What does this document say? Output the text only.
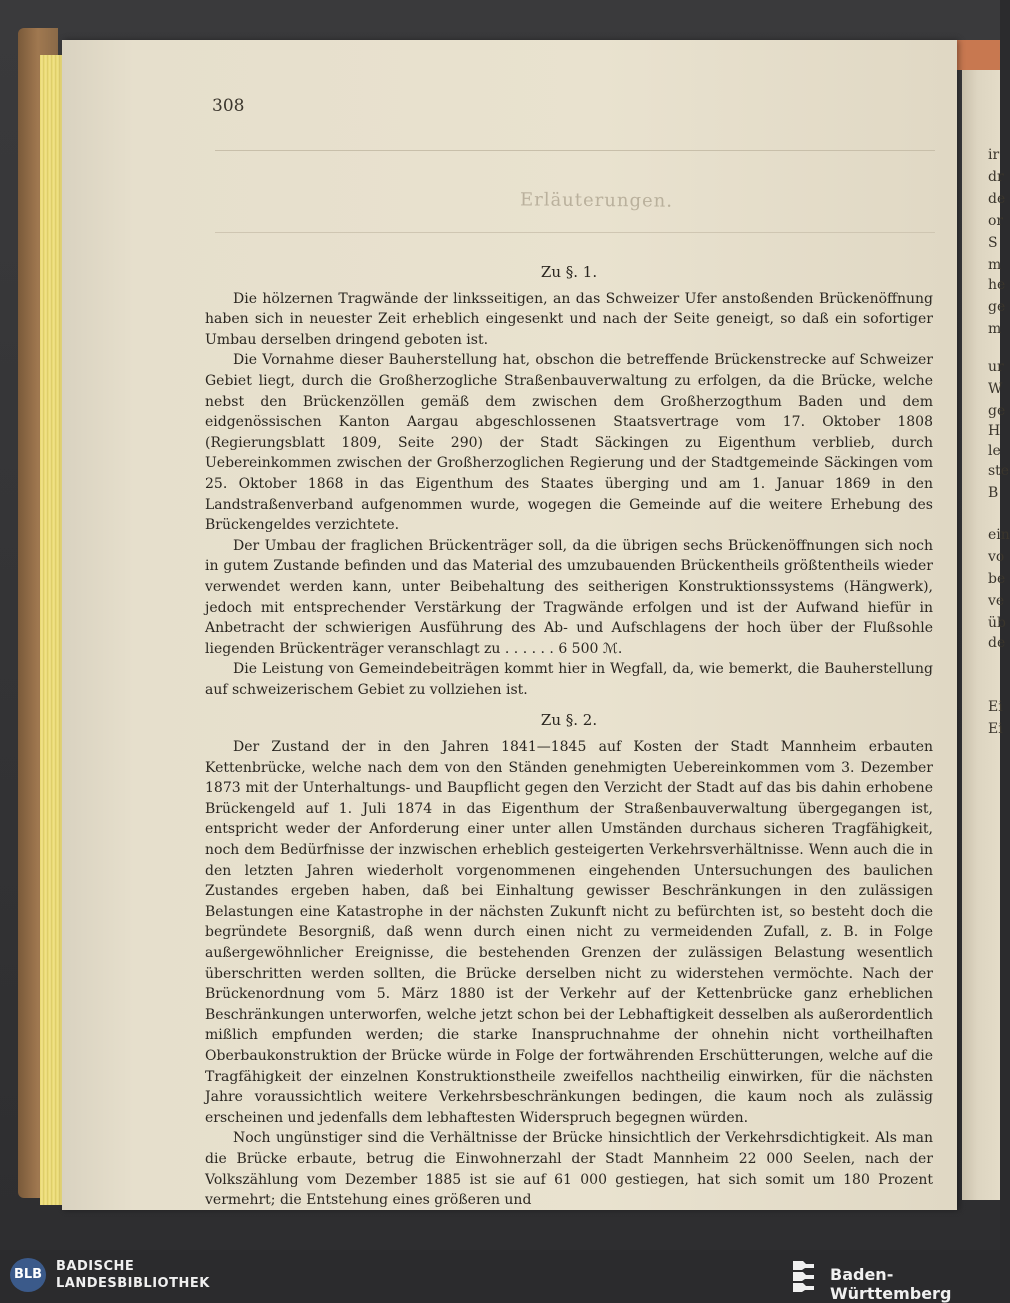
ir
dr
de
or
S
m
he
ge
m
ur
W
ge
H
le
ste
B
ein
vo
be
ve
üb
de
Ei
Ei
308
Erläuterungen.
Zu §. 1.

Die hölzernen Tragwände der linksseitigen, an das Schweizer Ufer anstoßenden Brückenöffnung haben sich in neuester Zeit erheblich eingesenkt und nach der Seite geneigt, so daß ein sofortiger Umbau derselben dringend geboten ist.

Die Vornahme dieser Bauherstellung hat, obschon die betreffende Brückenstrecke auf Schweizer Gebiet liegt, durch die Großherzogliche Straßenbauverwaltung zu erfolgen, da die Brücke, welche nebst den Brückenzöllen gemäß dem zwischen dem Großherzogthum Baden und dem eidgenössischen Kanton Aargau abgeschlossenen Staatsvertrage vom 17. Oktober 1808 (Regierungsblatt 1809, Seite 290) der Stadt Säckingen zu Eigenthum verblieb, durch Uebereinkommen zwischen der Großherzoglichen Regierung und der Stadtgemeinde Säckingen vom 25. Oktober 1868 in das Eigenthum des Staates überging und am 1. Januar 1869 in den Landstraßenverband aufgenommen wurde, wogegen die Gemeinde auf die weitere Erhebung des Brückengeldes verzichtete.

Der Umbau der fraglichen Brückenträger soll, da die übrigen sechs Brückenöffnungen sich noch in gutem Zustande befinden und das Material des umzubauenden Brückentheils größtentheils wieder verwendet werden kann, unter Beibehaltung des seitherigen Konstruktionssystems (Hängwerk), jedoch mit entsprechender Verstärkung der Tragwände erfolgen und ist der Aufwand hiefür in Anbetracht der schwierigen Ausführung des Ab- und Aufschlagens der hoch über der Flußsohle liegenden Brückenträger veranschlagt zu . . . . . . 6 500 ℳ.

Die Leistung von Gemeindebeiträgen kommt hier in Wegfall, da, wie bemerkt, die Bauherstellung auf schweizerischem Gebiet zu vollziehen ist.

Zu §. 2.

Der Zustand der in den Jahren 1841—1845 auf Kosten der Stadt Mannheim erbauten Kettenbrücke, welche nach dem von den Ständen genehmigten Uebereinkommen vom 3. Dezember 1873 mit der Unterhaltungs- und Baupflicht gegen den Verzicht der Stadt auf das bis dahin erhobene Brückengeld auf 1. Juli 1874 in das Eigenthum der Straßenbauverwaltung übergegangen ist, entspricht weder der Anforderung einer unter allen Umständen durchaus sicheren Tragfähigkeit, noch dem Bedürfnisse der inzwischen erheblich gesteigerten Verkehrsverhältnisse. Wenn auch die in den letzten Jahren wiederholt vorgenommenen eingehenden Untersuchungen des baulichen Zustandes ergeben haben, daß bei Einhaltung gewisser Beschränkungen in den zulässigen Belastungen eine Katastrophe in der nächsten Zukunft nicht zu befürchten ist, so besteht doch die begründete Besorgniß, daß wenn durch einen nicht zu vermeidenden Zufall, z. B. in Folge außergewöhnlicher Ereignisse, die bestehenden Grenzen der zulässigen Belastung wesentlich überschritten werden sollten, die Brücke derselben nicht zu widerstehen vermöchte. Nach der Brückenordnung vom 5. März 1880 ist der Verkehr auf der Kettenbrücke ganz erheblichen Beschränkungen unterworfen, welche jetzt schon bei der Lebhaftigkeit desselben als außerordentlich mißlich empfunden werden; die starke Inanspruchnahme der ohnehin nicht vortheilhaften Oberbaukonstruktion der Brücke würde in Folge der fortwährenden Erschütterungen, welche auf die Tragfähigkeit der einzelnen Konstruktionstheile zweifellos nachtheilig einwirken, für die nächsten Jahre voraussichtlich weitere Verkehrsbeschränkungen bedingen, die kaum noch als zulässig erscheinen und jedenfalls dem lebhaftesten Widerspruch begegnen würden.

Noch ungünstiger sind die Verhältnisse der Brücke hinsichtlich der Verkehrsdichtigkeit. Als man die Brücke erbaute, betrug die Einwohnerzahl der Stadt Mannheim 22 000 Seelen, nach der Volkszählung vom Dezember 1885 ist sie auf 61 000 gestiegen, hat sich somit um 180 Prozent vermehrt; die Entstehung eines größeren und

BLB
BADISCHE
LANDESBIBLIOTHEK	Baden-Württemberg
